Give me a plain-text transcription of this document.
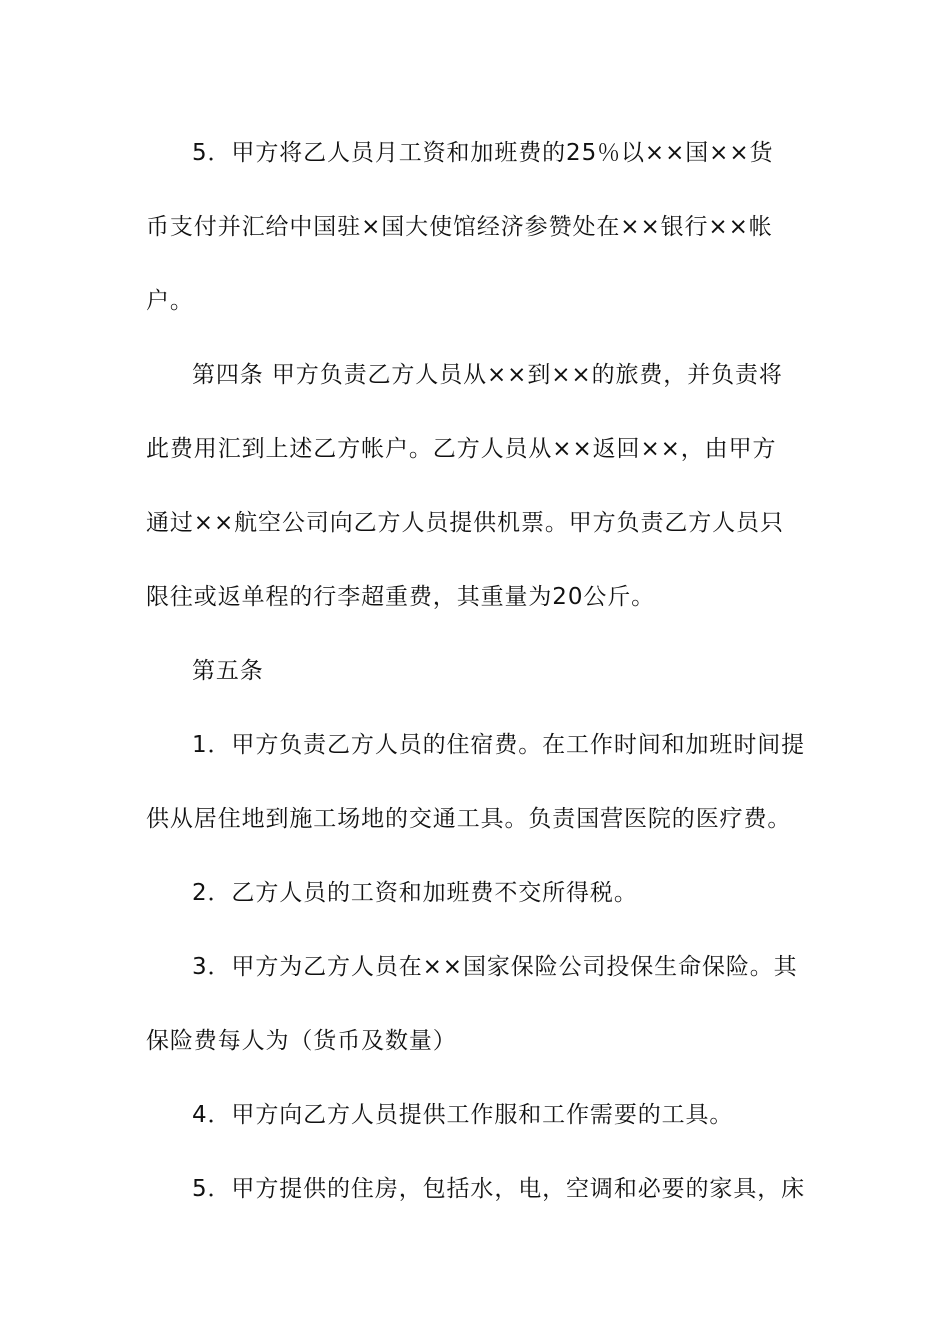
5．甲方将乙人员月工资和加班费的25％以××国××货
币支付并汇给中国驻×国大使馆经济参赞处在××银行××帐
户。
第四条 甲方负责乙方人员从××到××的旅费，并负责将
此费用汇到上述乙方帐户。乙方人员从××返回××，由甲方
通过××航空公司向乙方人员提供机票。甲方负责乙方人员只
限往或返单程的行李超重费，其重量为20公斤。
第五条
1．甲方负责乙方人员的住宿费。在工作时间和加班时间提
供从居住地到施工场地的交通工具。负责国营医院的医疗费。
2．乙方人员的工资和加班费不交所得税。
3．甲方为乙方人员在××国家保险公司投保生命保险。其
保险费每人为（货币及数量）
4．甲方向乙方人员提供工作服和工作需要的工具。
5．甲方提供的住房，包括水，电，空调和必要的家具，床
